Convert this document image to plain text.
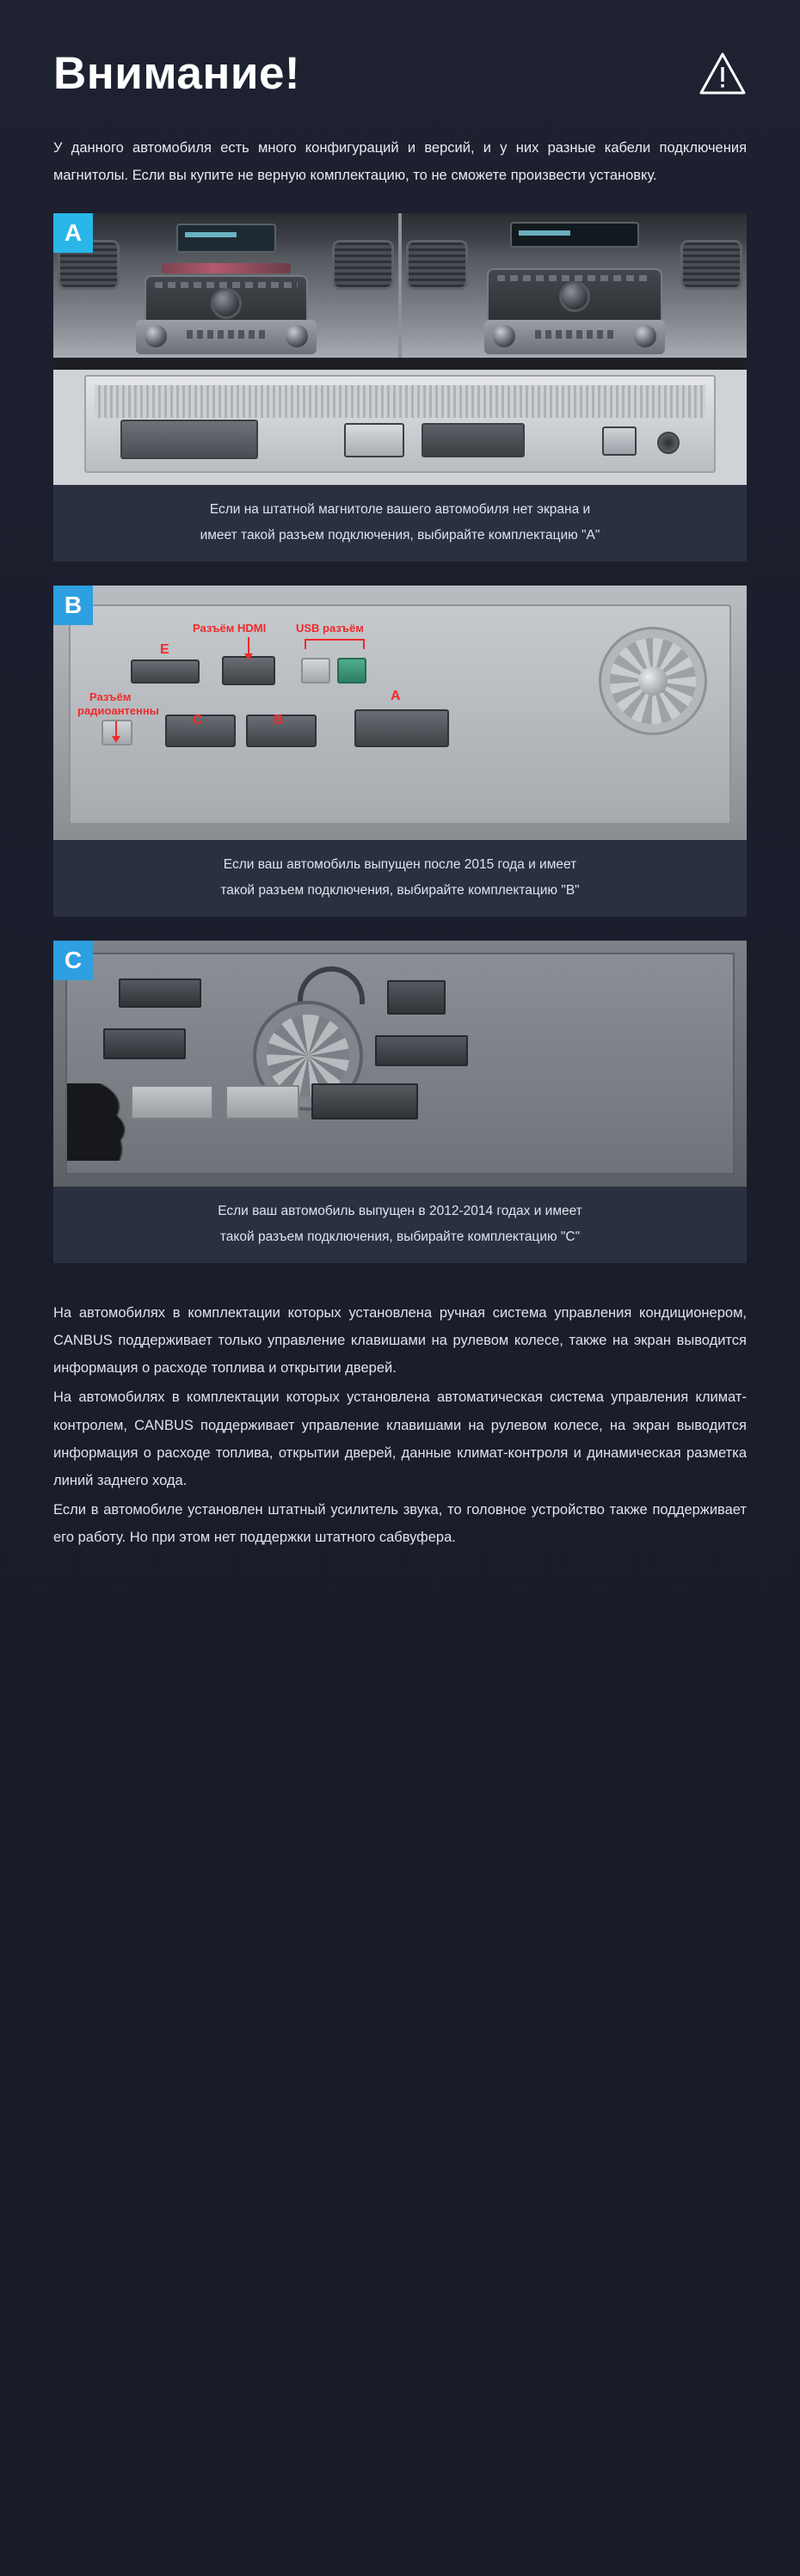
Внимание!
У данного автомобиля есть много конфигураций и версий, и у них разные кабели подключения магнитолы. Если вы купите не верную комплектацию, то не сможете произвести установку.
A
Если на штатной магнитоле вашего автомобиля нет экрана и
имеет такой разъем подключения, выбирайте комплектацию "A"
B
Разъём HDMI	USB разъём
Разъём
радиоантенны
E
C	B
A
Если ваш автомобиль выпущен после 2015 года и имеет
такой разъем подключения, выбирайте комплектацию "B"
C
Если ваш автомобиль выпущен в 2012-2014 годах и имеет
такой разъем подключения, выбирайте комплектацию "C"

На автомобилях в комплектации которых установлена ручная система управления кондиционером, CANBUS поддерживает только управление клавишами на рулевом колесе, также на экран выводится информация о расходе топлива и открытии дверей.

На автомобилях в комплектации которых установлена автоматическая система управления климат-контролем, CANBUS поддерживает управление клавишами на рулевом колесе, на экран выводится информация о расходе топлива, открытии дверей, данные климат-контроля и динамическая разметка линий заднего хода.

Если в автомобиле установлен штатный усилитель звука, то головное устройство также поддерживает его работу. Но при этом нет поддержки штатного сабвуфера.
